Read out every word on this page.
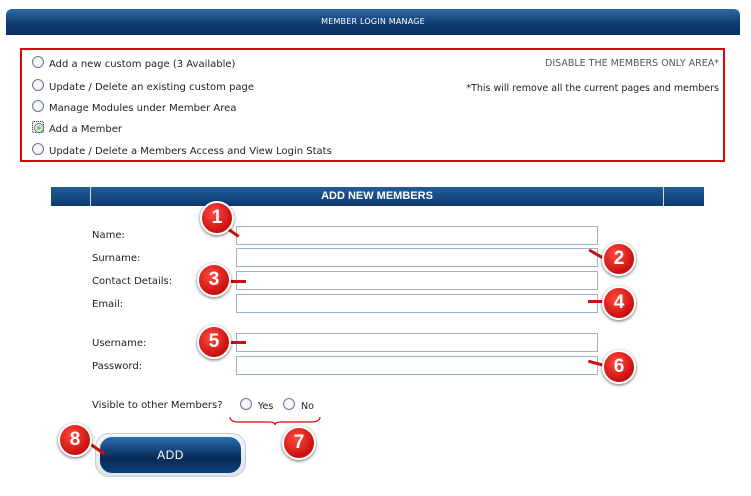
MEMBER LOGIN MANAGE
Add a new custom page (3 Available)
Update / Delete an existing custom page
Manage Modules under Member Area
Add a Member
Update / Delete a Members Access and View Login Stats
DISABLE THE MEMBERS ONLY AREA*
*This will remove all the current pages and members
ADD NEW MEMBERS
Name:
Surname:
Contact Details:
Email:
Username:
Password:
Visible to other Members?	Yes	No
ADD
1
2
3
4
5
6
7
8
